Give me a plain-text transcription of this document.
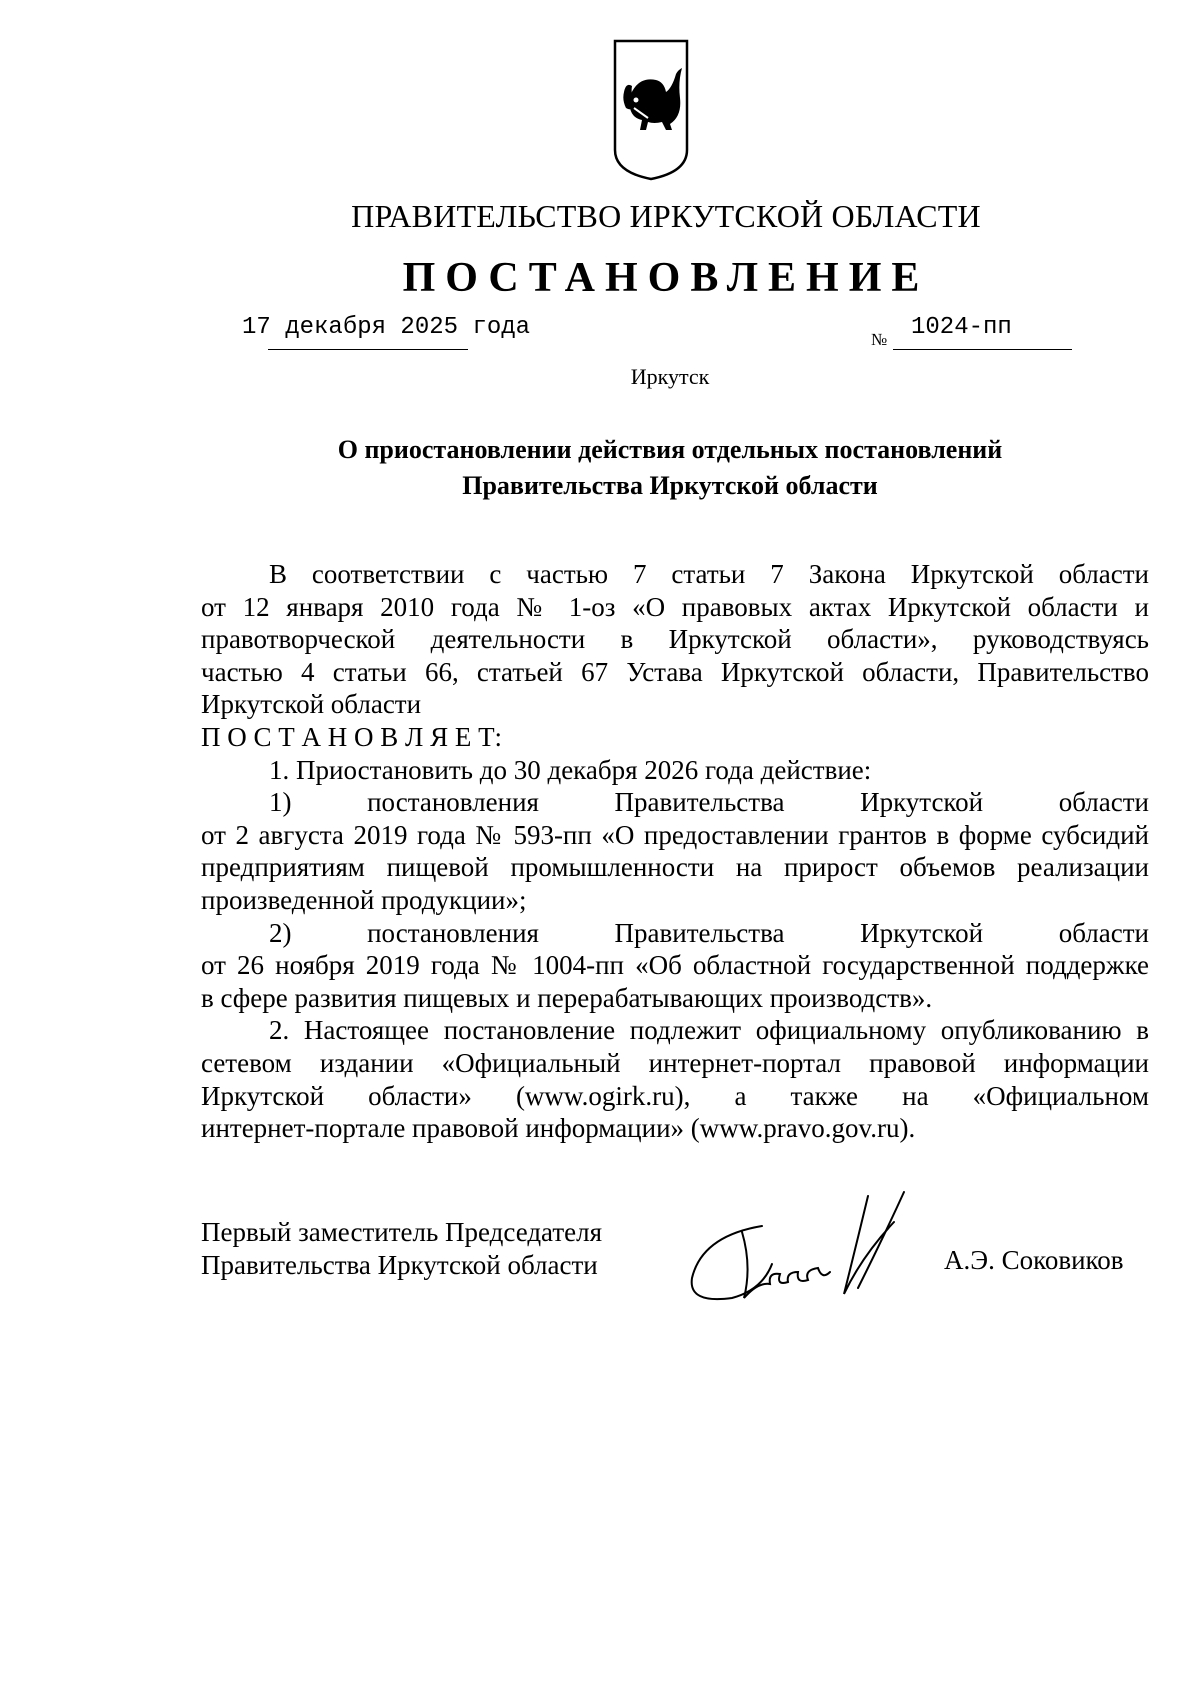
ПРАВИТЕЛЬСТВО ИРКУТСКОЙ ОБЛАСТИ
ПОСТАНОВЛЕНИЕ
17 декабря 2025 года	№ 1024-пп
Иркутск
О приостановлении действия отдельных постановлений
Правительства Иркутской области

В соответствии с частью 7 статьи 7 Закона Иркутской области

от 12 января 2010 года № 1-оз «О правовых актах Иркутской области и

правотворческой деятельности в Иркутской области», руководствуясь

частью 4 статьи 66, статьей 67 Устава Иркутской области, Правительство

Иркутской области

П О С Т А Н О В Л Я Е Т:

1. Приостановить до 30 декабря 2026 года действие:

1) постановления Правительства Иркутской области

от 2 августа 2019 года № 593-пп «О предоставлении грантов в форме субсидий

предприятиям пищевой промышленности на прирост объемов реализации

произведенной продукции»;

2) постановления Правительства Иркутской области

от 26 ноября 2019 года № 1004-пп «Об областной государственной поддержке

в сфере развития пищевых и перерабатывающих производств».

2. Настоящее постановление подлежит официальному опубликованию в

сетевом издании «Официальный интернет-портал правовой информации

Иркутской области» (www.ogirk.ru), а также на «Официальном

интернет-портале правовой информации» (www.pravo.gov.ru).

Первый заместитель Председателя
Правительства Иркутской области	А.Э. Соковиков
